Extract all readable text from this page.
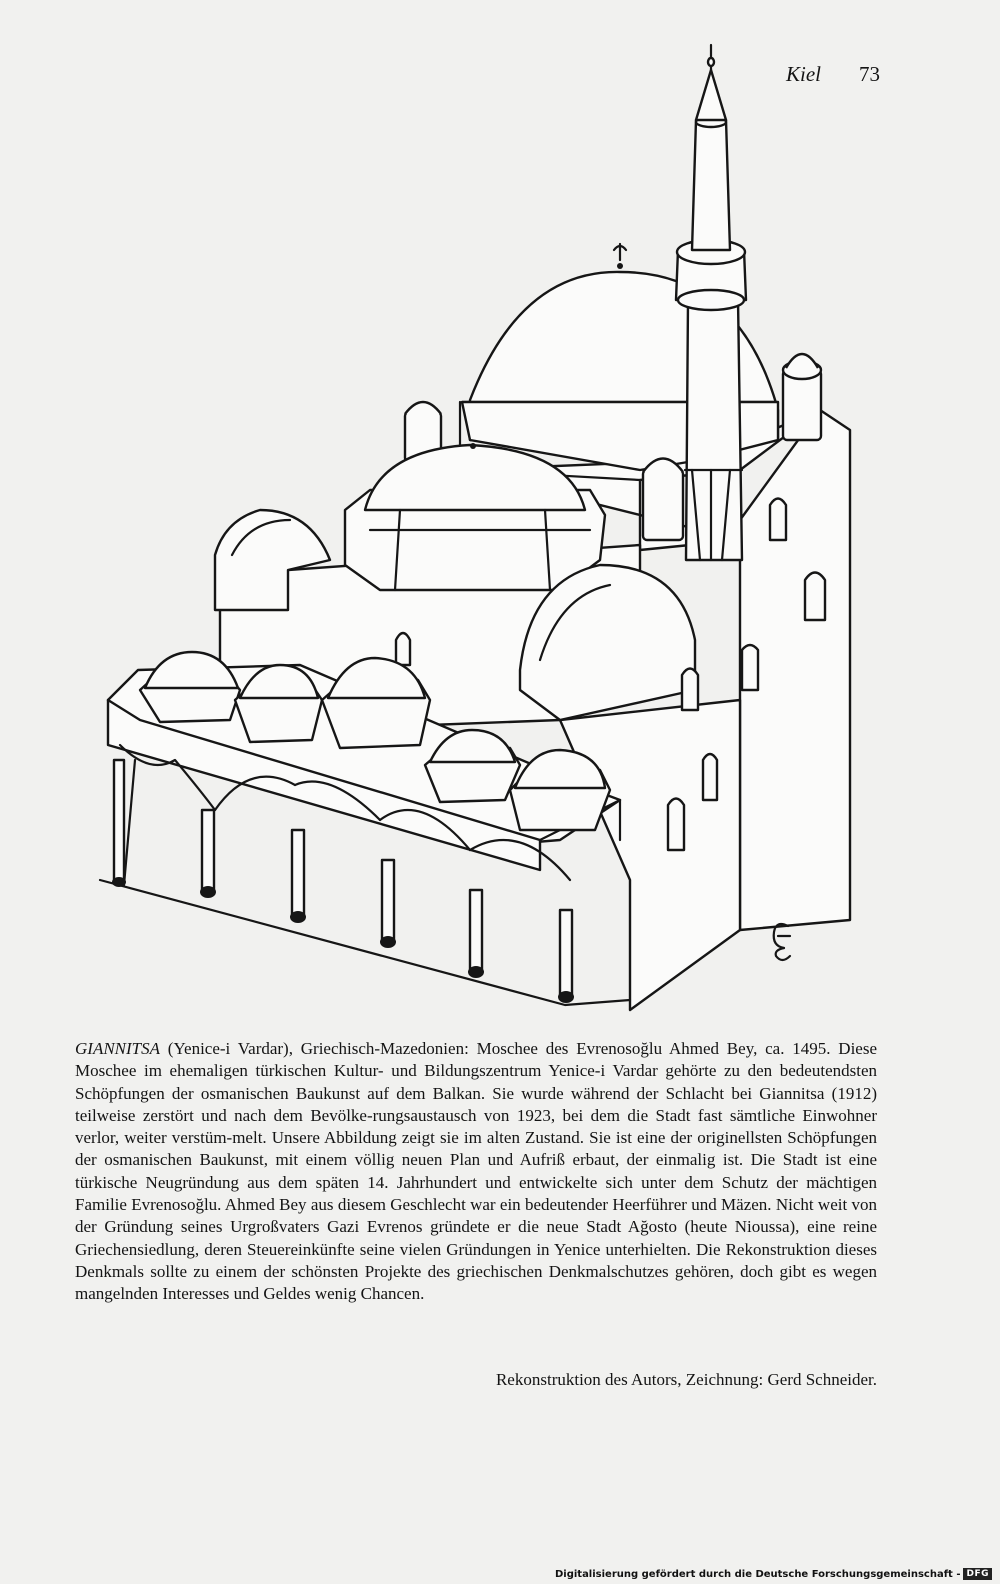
Kiel 73
GIANNITSA (Yenice-i Vardar), Griechisch-Mazedonien: Moschee des Evrenosoğlu Ahmed Bey, ca. 1495. Diese Moschee im ehemaligen türkischen Kultur- und Bildungszentrum Yenice-i Vardar gehörte zu den bedeutendsten Schöpfungen der osmanischen Baukunst auf dem Balkan. Sie wurde während der Schlacht bei Giannitsa (1912) teilweise zerstört und nach dem Bevölke-rungsaustausch von 1923, bei dem die Stadt fast sämtliche Einwohner verlor, weiter verstüm-melt. Unsere Abbildung zeigt sie im alten Zustand. Sie ist eine der originellsten Schöpfungen der osmanischen Baukunst, mit einem völlig neuen Plan und Aufriß erbaut, der einmalig ist. Die Stadt ist eine türkische Neugründung aus dem späten 14. Jahrhundert und entwickelte sich unter dem Schutz der mächtigen Familie Evrenosoğlu. Ahmed Bey aus diesem Geschlecht war ein bedeutender Heerführer und Mäzen. Nicht weit von der Gründung seines Urgroßvaters Gazi Evrenos gründete er die neue Stadt Ağosto (heute Nioussa), eine reine Griechensiedlung, deren Steuereinkünfte seine vielen Gründungen in Yenice unterhielten. Die Rekonstruktion dieses Denkmals sollte zu einem der schönsten Projekte des griechischen Denkmalschutzes gehören, doch gibt es wegen mangelnden Interesses und Geldes wenig Chancen.
Rekonstruktion des Autors, Zeichnung: Gerd Schneider.
Digitalisierung gefördert durch die Deutsche Forschungsgemeinschaft - DFG
